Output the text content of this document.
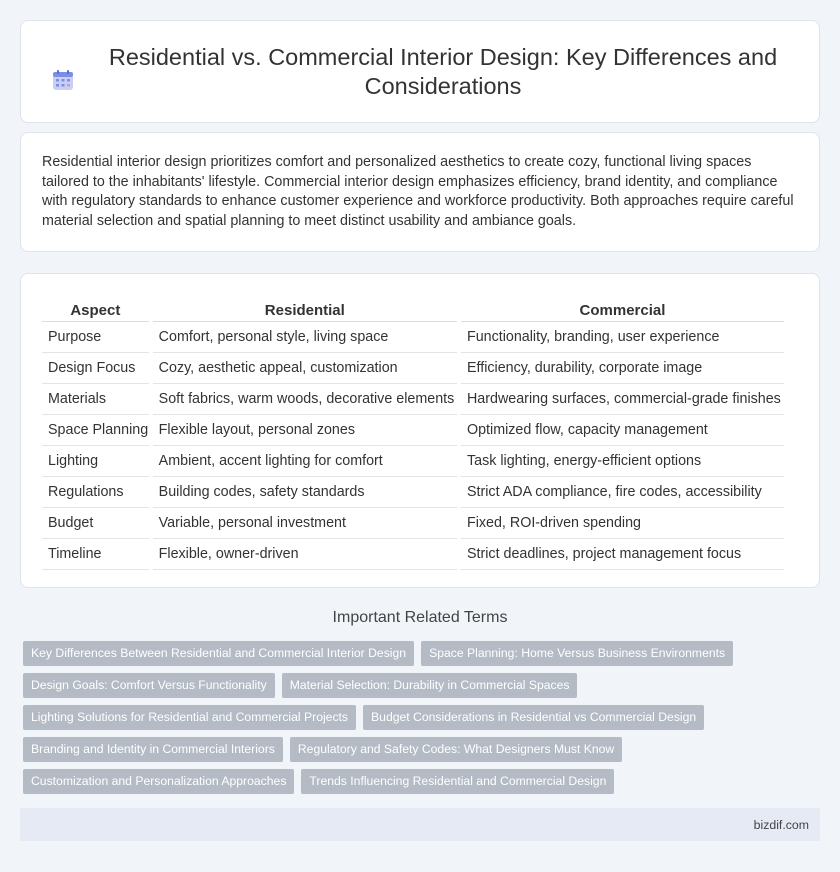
Residential vs. Commercial Interior Design: Key Differences and Considerations

Residential interior design prioritizes comfort and personalized aesthetics to create cozy, functional living spaces tailored to the inhabitants' lifestyle. Commercial interior design emphasizes efficiency, brand identity, and compliance with regulatory standards to enhance customer experience and workforce productivity. Both approaches require careful material selection and spatial planning to meet distinct usability and ambiance goals.

Aspect	Residential	Commercial
Purpose	Comfort, personal style, living space	Functionality, branding, user experience
Design Focus	Cozy, aesthetic appeal, customization	Efficiency, durability, corporate image
Materials	Soft fabrics, warm woods, decorative elements	Hardwearing surfaces, commercial-grade finishes
Space Planning	Flexible layout, personal zones	Optimized flow, capacity management
Lighting	Ambient, accent lighting for comfort	Task lighting, energy-efficient options
Regulations	Building codes, safety standards	Strict ADA compliance, fire codes, accessibility
Budget	Variable, personal investment	Fixed, ROI-driven spending
Timeline	Flexible, owner-driven	Strict deadlines, project management focus
Important Related Terms
Key Differences Between Residential and Commercial Interior Design	Space Planning: Home Versus Business Environments
Design Goals: Comfort Versus Functionality	Material Selection: Durability in Commercial Spaces
Lighting Solutions for Residential and Commercial Projects	Budget Considerations in Residential vs Commercial Design
Branding and Identity in Commercial Interiors	Regulatory and Safety Codes: What Designers Must Know
Customization and Personalization Approaches	Trends Influencing Residential and Commercial Design
bizdif.com
